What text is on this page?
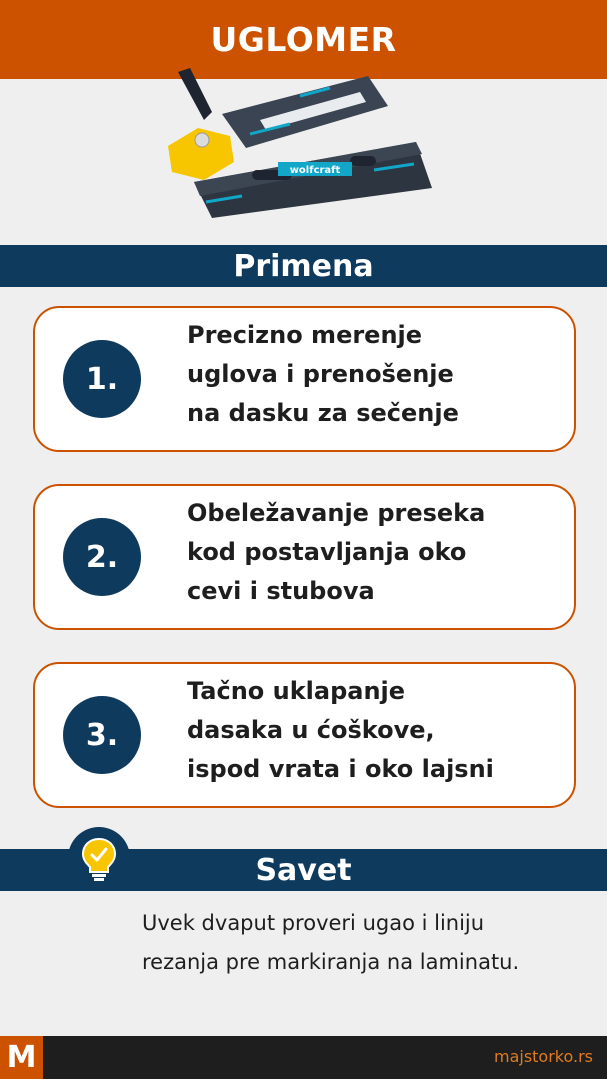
UGLOMER
wolfcraft
Primena
1.
Precizno merenje
uglova i prenošenje
na dasku za sečenje
2.
Obeležavanje preseka
kod postavljanja oko
cevi i stubova
3.
Tačno uklapanje
dasaka u ćoškove,
ispod vrata i oko lajsni
Savet
Uvek dvaput proveri ugao i liniju
rezanja pre markiranja na laminatu.
M	majstorko.rs
